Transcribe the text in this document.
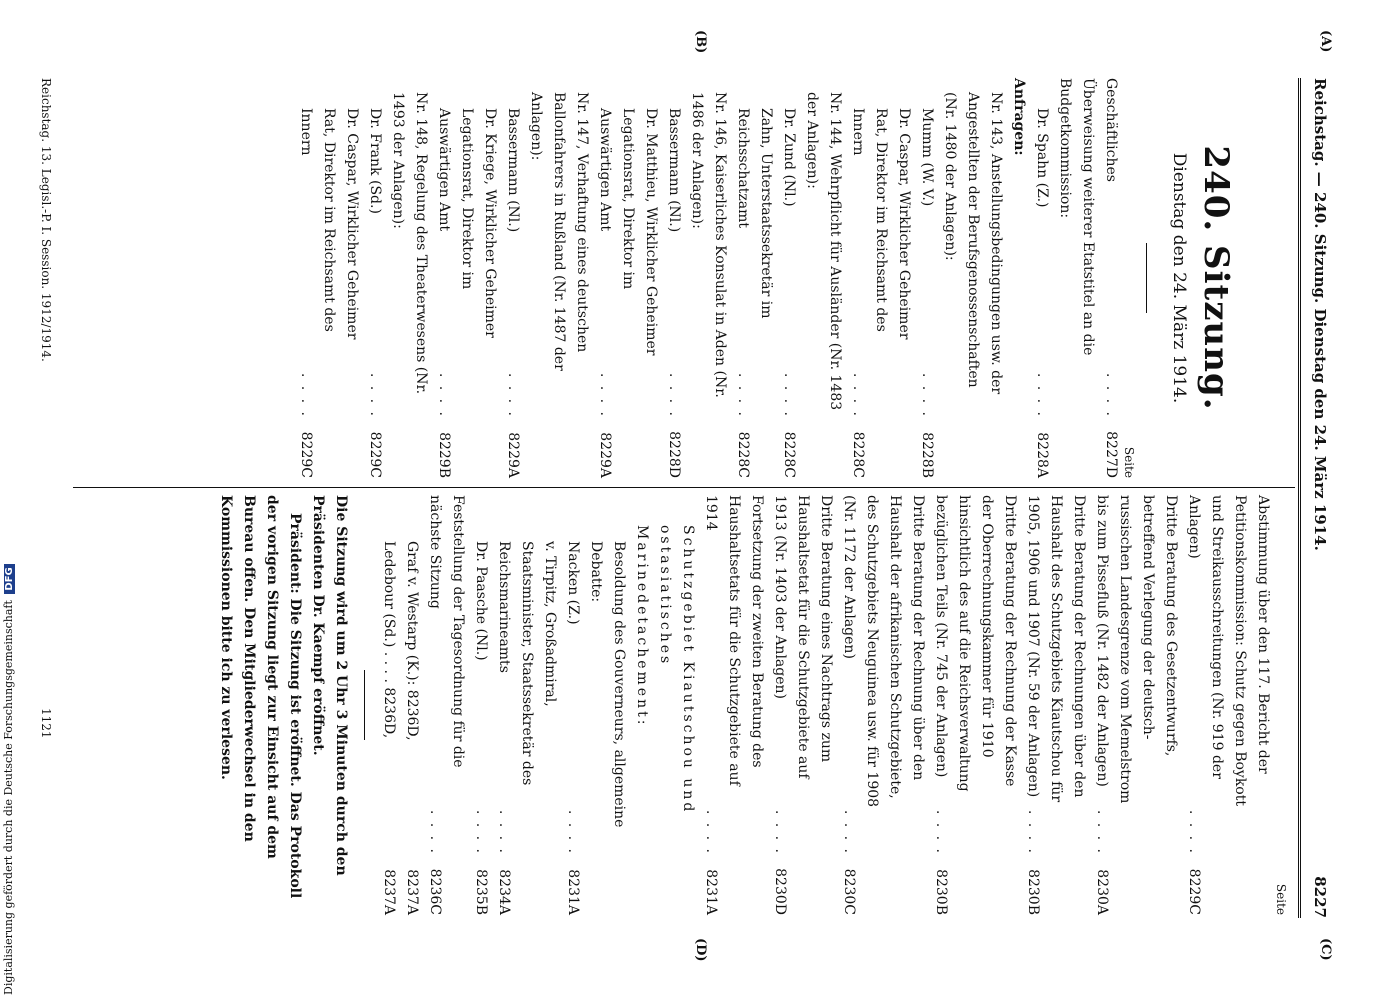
Reichstag. — 240. Sitzung. Dienstag den 24. März 1914.
8227
(A)
(B)
(C)
(D)
240. Sitzung.
Dienstag den 24. März 1914.
Seite
Geschäftliches
. . . .
8227D
Überweisung weiterer Etatstitel an die Budgetkommission:
Dr. Spahn (Z.)
. . . .
8228A
Anfragen:
Nr. 143, Anstellungsbedingungen usw. der Angestellten der Berufsgenossenschaften (Nr. 1480 der Anlagen):
Mumm (W. V.)
. . . .
8228B
Dr. Caspar, Wirklicher Geheimer Rat, Direktor im Reichsamt des Innern
. . . .
8228C
Nr. 144, Wehrpflicht für Ausländer (Nr. 1483 der Anlagen):
Dr. Zund (Nl.)
. . . .
8228C
Zahn, Unterstaatssekretär im Reichsschatzamt
. . . .
8228C
Nr. 146, Kaiserliches Konsulat in Aden (Nr. 1486 der Anlagen):
Bassermann (Nl.)
. . . .
8228D
Dr. Matthieu, Wirklicher Geheimer Legationsrat, Direktor im Auswärtigen Amt
. . . .
8229A
Nr. 147, Verhaftung eines deutschen Ballonfahrers in Rußland (Nr. 1487 der Anlagen):
Bassermann (Nl.)
. . . .
8229A
Dr. Kriege, Wirklicher Geheimer Legationsrat, Direktor im Auswärtigen Amt
. . . .
8229B
Nr. 148, Regelung des Theaterwesens (Nr. 1493 der Anlagen):
Dr. Frank (Sd.)
. . . .
8229C
Dr. Caspar, Wirklicher Geheimer Rat, Direktor im Reichsamt des Innern
. . . .
8229C
Seite
Abstimmung über den 117. Bericht der Petitionskommission: Schutz gegen Boykott und Streikausschreitungen (Nr. 919 der Anlagen)
. . . .
8229C
Dritte Beratung des Gesetzentwurfs, betreffend Verlegung der deutsch-russischen Landesgrenze vom Memelstrom bis zum Pissefluß (Nr. 1482 der Anlagen)
. . . .
8230A
Dritte Beratung der Rechnungen über den Haushalt des Schutzgebiets Kiautschou für 1905, 1906 und 1907 (Nr. 59 der Anlagen)
. . . .
8230B
Dritte Beratung der Rechnung der Kasse der Oberrechnungskammer für 1910 hinsichtlich des auf die Reichsverwaltung bezüglichen Teils (Nr. 745 der Anlagen)
. . . .
8230B
Dritte Beratung der Rechnung über den Haushalt der afrikanischen Schutzgebiete, des Schutzgebiets Neuguinea usw. für 1908 (Nr. 1172 der Anlagen)
. . . .
8230C
Dritte Beratung eines Nachtrags zum Haushaltsetat für die Schutzgebiete auf 1913 (Nr. 1403 der Anlagen)
. . . .
8230D
Fortsetzung der zweiten Beratung des Haushaltsetats für die Schutzgebiete auf 1914
. . . .
8231A
Schutzgebiet Kiautschou und ostasiatisches Marinedetachement:
Besoldung des Gouverneurs, allgemeine Debatte:
Nacken (Z.)
. . . .
8231A
v. Tirpitz, Großadmiral, Staatsminister, Staatssekretär des Reichsmarineamts
. . . .
8234A
Dr. Paasche (Nl.)
. . . .
8235B
Feststellung der Tagesordnung für die nächste Sitzung
. . . .
8236C
Graf v. Westarp (K.): 8236D,
8237A
Ledebour (Sd.) . . . . 8236D,
8237A
Die Sitzung wird um 2 Uhr 3 Minuten durch den Präsidenten Dr. Kaempf eröffnet.
Präsident: Die Sitzung ist eröffnet. Das Protokoll der vorigen Sitzung liegt zur Einsicht auf dem Bureau offen. Den Mitgliederwechsel in den Kommissionen bitte ich zu verlesen.
Reichstag. 13. Legisl.-P. I. Session. 1912/1914.
1121
Digitalisierung gefördert durch die Deutsche Forschungsgemeinschaft DFG
